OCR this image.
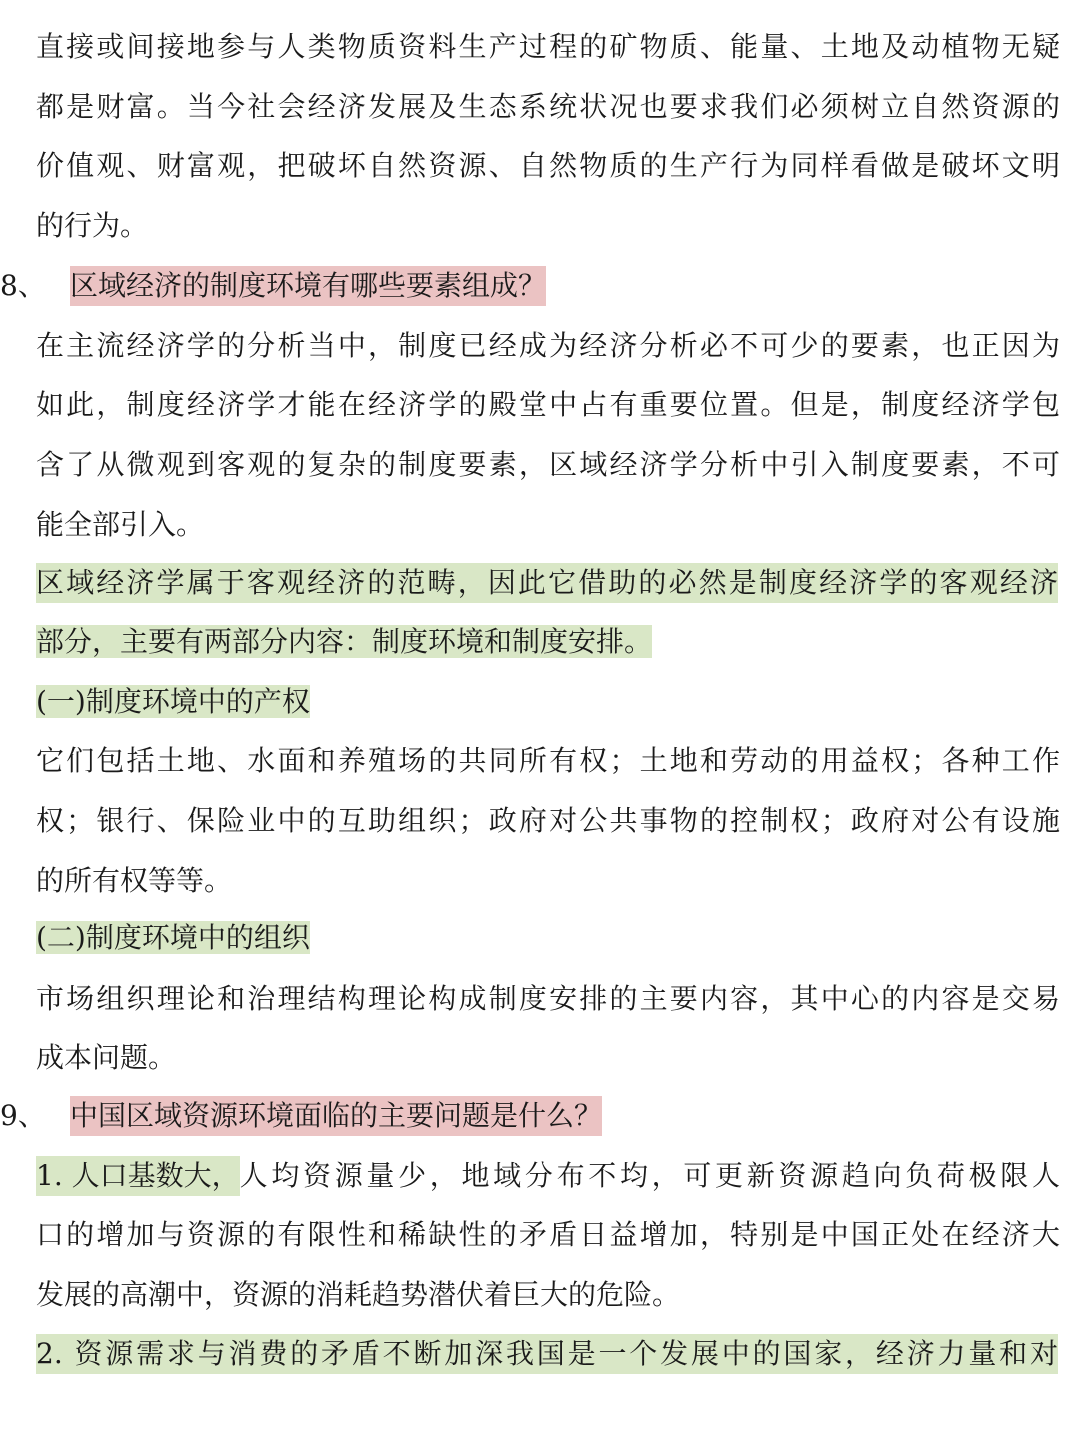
直接或间接地参与人类物质资料生产过程的矿物质、能量、土地及动植物无疑
都是财富。当今社会经济发展及生态系统状况也要求我们必须树立自然资源的
价值观、财富观，把破坏自然资源、自然物质的生产行为同样看做是破坏文明
的行为。
8、 区域经济的制度环境有哪些要素组成？
在主流经济学的分析当中，制度已经成为经济分析必不可少的要素，也正因为
如此，制度经济学才能在经济学的殿堂中占有重要位置。但是，制度经济学包
含了从微观到客观的复杂的制度要素，区域经济学分析中引入制度要素，不可
能全部引入。
区域经济学属于客观经济的范畴，因此它借助的必然是制度经济学的客观经济
部分，主要有两部分内容：制度环境和制度安排。
(一)制度环境中的产权
它们包括土地、水面和养殖场的共同所有权；土地和劳动的用益权；各种工作
权；银行、保险业中的互助组织；政府对公共事物的控制权；政府对公有设施
的所有权等等。
(二)制度环境中的组织
市场组织理论和治理结构理论构成制度安排的主要内容，其中心的内容是交易
成本问题。
9、 中国区域资源环境面临的主要问题是什么？
1. 人口基数大， 人均资源量少，地域分布不均，可更新资源趋向负荷极限人
口的增加与资源的有限性和稀缺性的矛盾日益增加，特别是中国正处在经济大
发展的高潮中，资源的消耗趋势潜伏着巨大的危险。
2. 资源需求与消费的矛盾不断加深我国是一个发展中的国家，经济力量和对
